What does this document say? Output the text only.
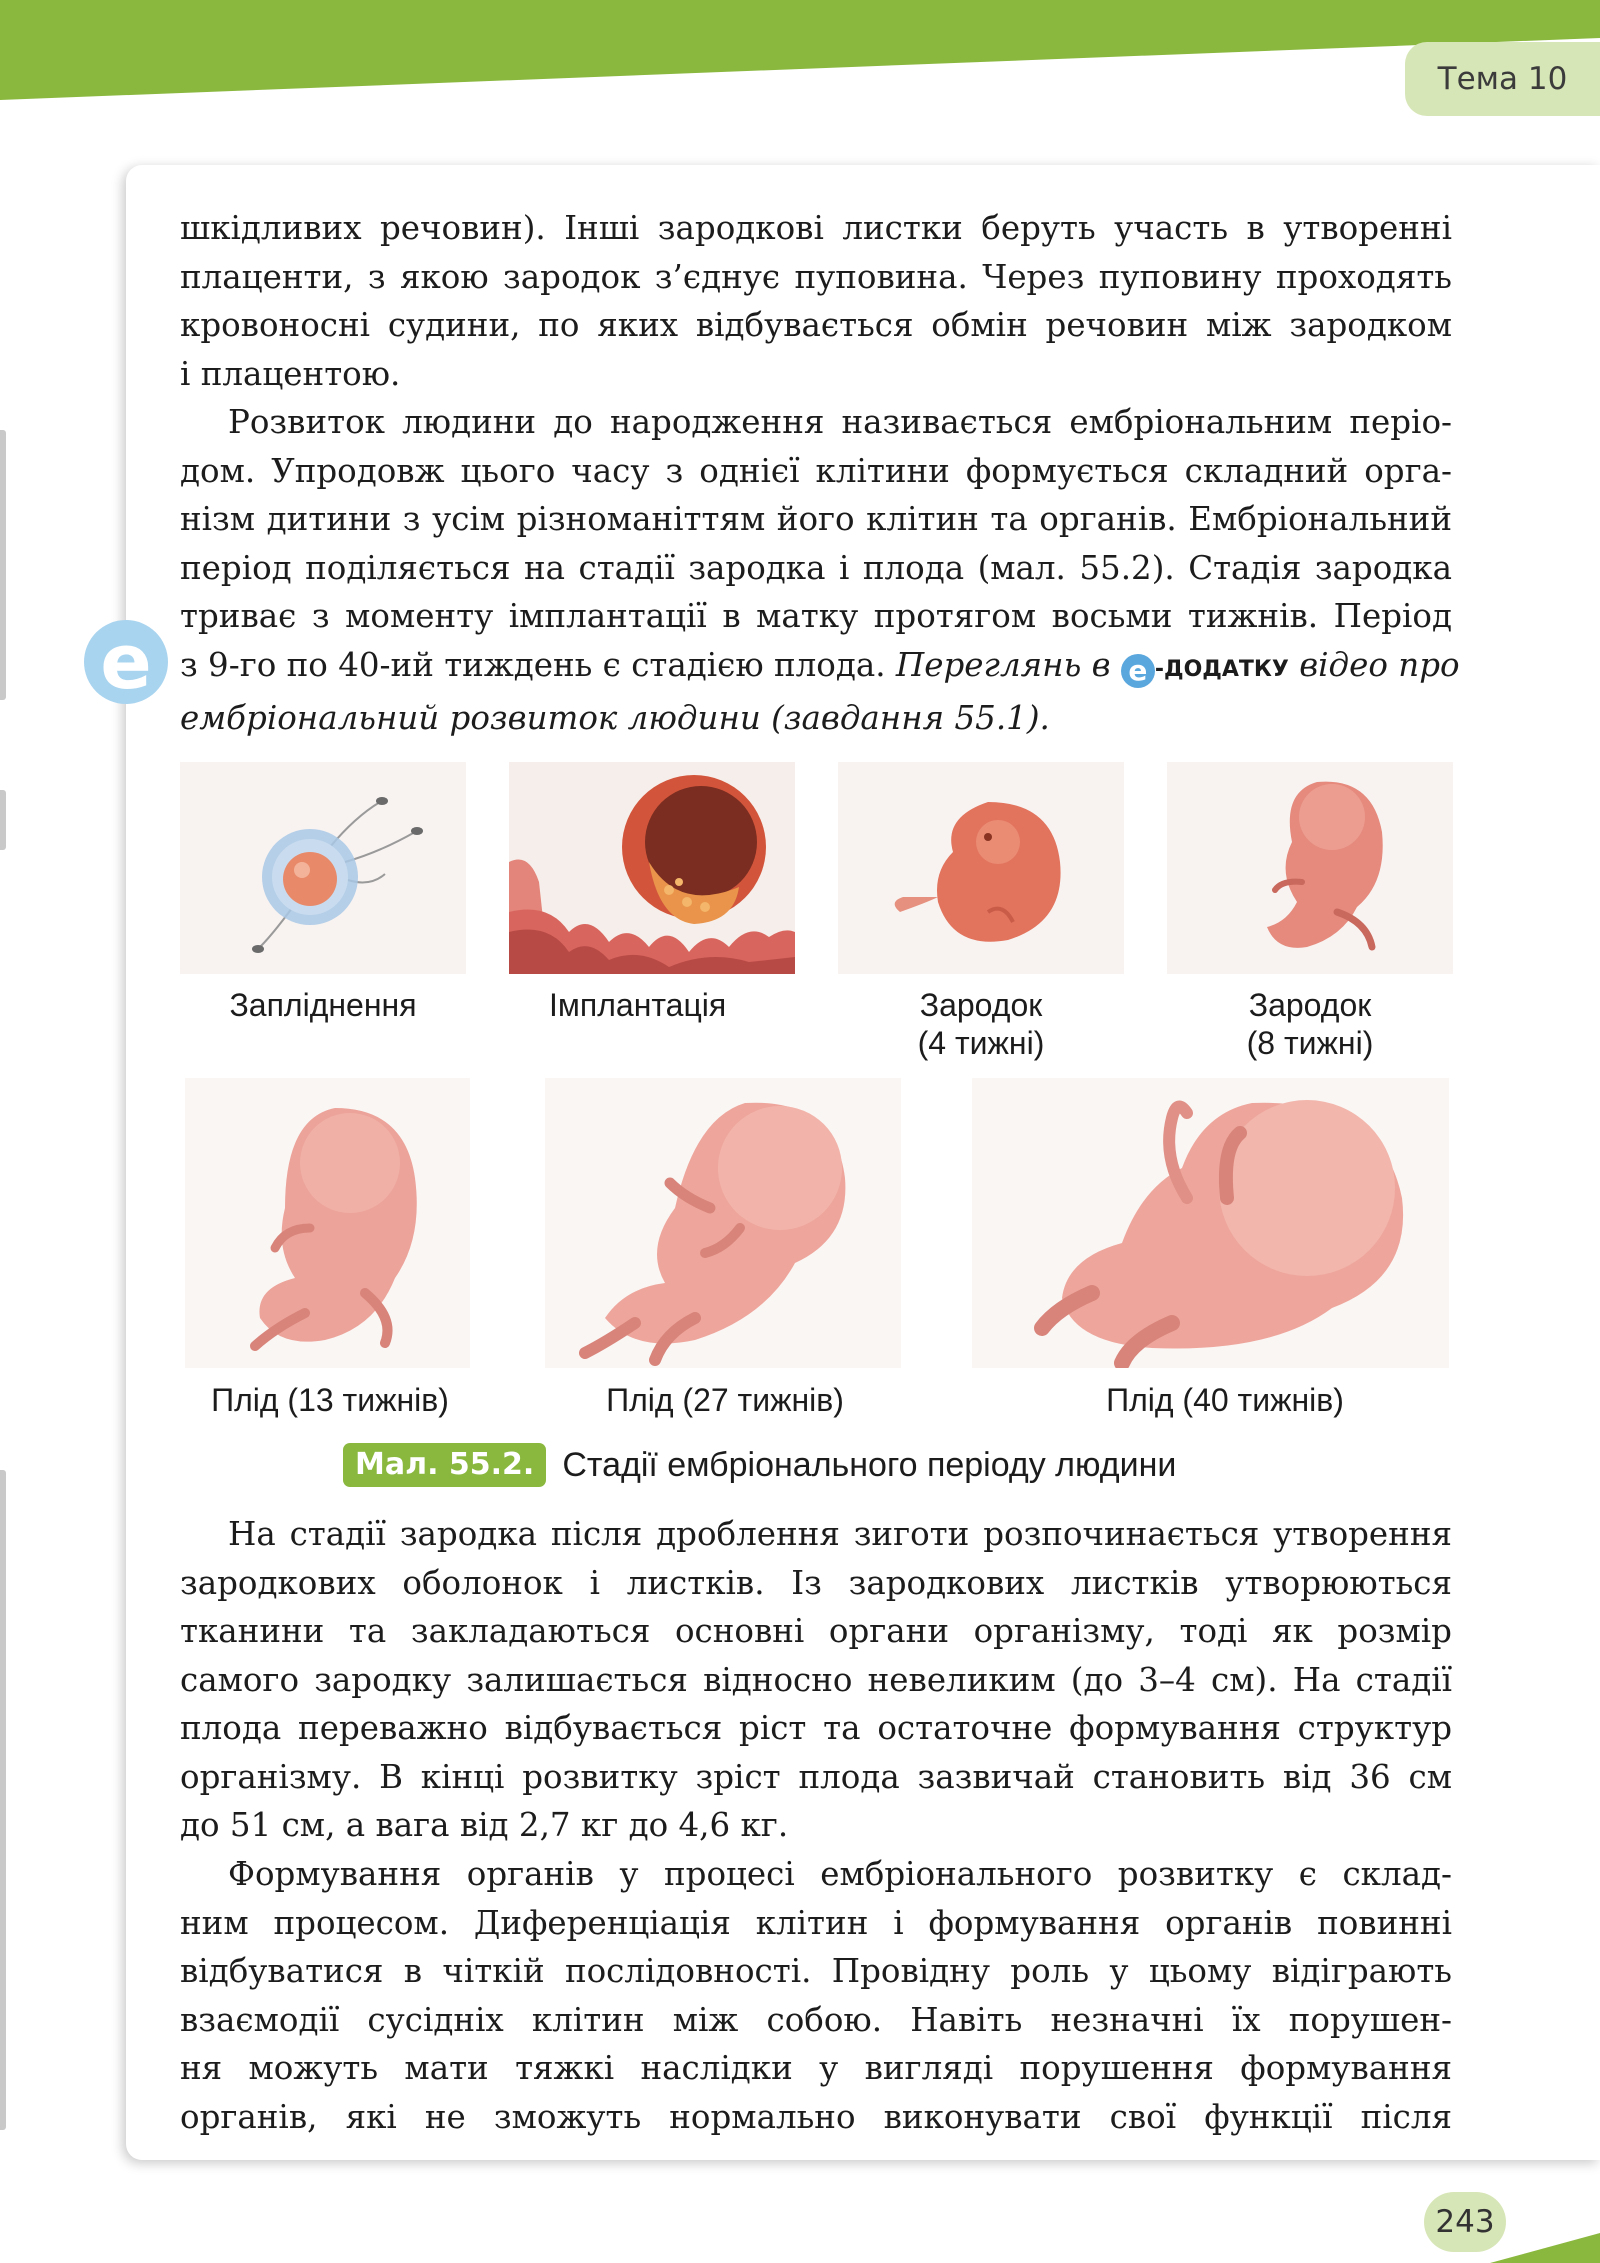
Тема 10
e

шкідливих речовин). Інші зародкові листки беруть участь в утворенні

плаценти, з якою зародок з’єднує пуповина. Через пуповину проходять

кровоносні судини, по яких відбувається обмін речовин між зародком

і плацентою.

Розвиток людини до народження називається ембріональним періо-

дом. Упродовж цього часу з однієї клітини формується складний орга-

нізм дитини з усім різноманіттям його клітин та органів. Ембріональний

період поділяється на стадії зародка і плода (мал. 55.2). Стадія зародка

триває з моменту імплантації в матку протягом восьми тижнів. Період

з 9-го по 40-ий тиждень є стадією плода. Переглянь в e -ДОДАТКУ відео про

ембріональний розвиток людини (завдання 55.1).

Запліднення	Імплантація	Зародок
(4 тижні)
Зародок
(8 тижні)
Плід (13 тижнів)	Плід (27 тижнів)	Плід (40 тижнів)
Мал. 55.2. Стадії ембріонального періоду людини

На стадії зародка після дроблення зиготи розпочинається утворення

зародкових оболонок і листків. Із зародкових листків утворюються

тканини та закладаються основні органи організму, тоді як розмір

самого зародку залишається відносно невеликим (до 3–4 см). На стадії

плода переважно відбувається ріст та остаточне формування структур

організму. В кінці розвитку зріст плода зазвичай становить від 36 см

до 51 см, а вага від 2,7 кг до 4,6 кг.

Формування органів у процесі ембріонального розвитку є склад-

ним процесом. Диференціація клітин і формування органів повинні

відбуватися в чіткій послідовності. Провідну роль у цьому відіграють

взаємодії сусідніх клітин між собою. Навіть незначні їх порушен-

ня можуть мати тяжкі наслідки у вигляді порушення формування

органів, які не зможуть нормально виконувати свої функції після

243
